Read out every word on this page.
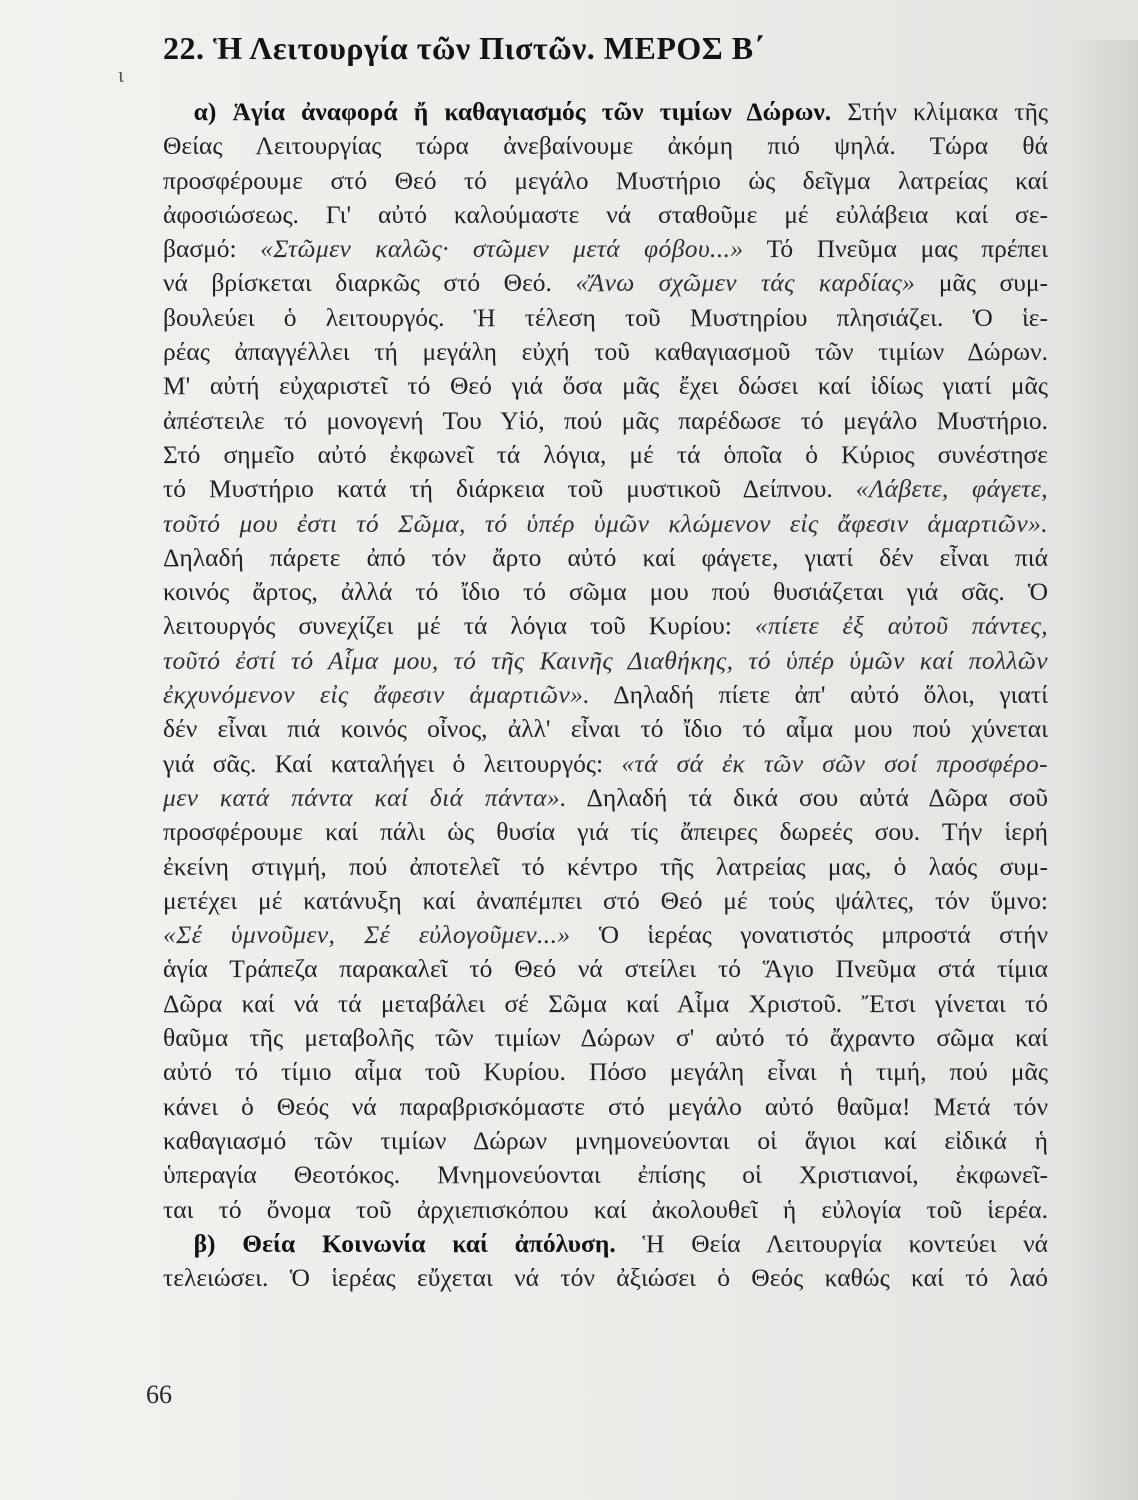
ι
22. Ἡ Λειτουργία τῶν Πιστῶν. ΜΕΡΟΣ Β΄
α) Ἁγία ἀναφορά ἤ καθαγιασμός τῶν τιμίων Δώρων. Στήν κλίμακα τῆς
Θείας Λειτουργίας τώρα ἀνεβαίνουμε ἀκόμη πιό ψηλά. Τώρα θά
προσφέρουμε στό Θεό τό μεγάλο Μυστήριο ὡς δεῖγμα λατρείας καί
ἀφοσιώσεως. Γι' αὐτό καλούμαστε νά σταθοῦμε μέ εὐλάβεια καί σε-
βασμό: «Στῶμεν καλῶς· στῶμεν μετά φόβου...» Τό Πνεῦμα μας πρέπει
νά βρίσκεται διαρκῶς στό Θεό. «Ἄνω σχῶμεν τάς καρδίας» μᾶς συμ-
βουλεύει ὁ λειτουργός. Ἡ τέλεση τοῦ Μυστηρίου πλησιάζει. Ὁ ἱε-
ρέας ἀπαγγέλλει τή μεγάλη εὐχή τοῦ καθαγιασμοῦ τῶν τιμίων Δώρων.
Μ' αὐτή εὐχαριστεῖ τό Θεό γιά ὅσα μᾶς ἔχει δώσει καί ἰδίως γιατί μᾶς
ἀπέστειλε τό μονογενή Του Υἱό, πού μᾶς παρέδωσε τό μεγάλο Μυστήριο.
Στό σημεῖο αὐτό ἐκφωνεῖ τά λόγια, μέ τά ὁποῖα ὁ Κύριος συνέστησε
τό Μυστήριο κατά τή διάρκεια τοῦ μυστικοῦ Δείπνου. «Λάβετε, φάγετε,
τοῦτό μου ἐστι τό Σῶμα, τό ὑπέρ ὑμῶν κλώμενον εἰς ἄφεσιν ἁμαρτιῶν».
Δηλαδή πάρετε ἀπό τόν ἄρτο αὐτό καί φάγετε, γιατί δέν εἶναι πιά
κοινός ἄρτος, ἀλλά τό ἴδιο τό σῶμα μου πού θυσιάζεται γιά σᾶς. Ὁ
λειτουργός συνεχίζει μέ τά λόγια τοῦ Κυρίου: «πίετε ἐξ αὐτοῦ πάντες,
τοῦτό ἐστί τό Αἷμα μου, τό τῆς Καινῆς Διαθήκης, τό ὑπέρ ὑμῶν καί πολλῶν
ἐκχυνόμενον εἰς ἄφεσιν ἁμαρτιῶν». Δηλαδή πίετε ἀπ' αὐτό ὅλοι, γιατί
δέν εἶναι πιά κοινός οἶνος, ἀλλ' εἶναι τό ἴδιο τό αἷμα μου πού χύνεται
γιά σᾶς. Καί καταλήγει ὁ λειτουργός: «τά σά ἐκ τῶν σῶν σοί προσφέρο-
μεν κατά πάντα καί διά πάντα». Δηλαδή τά δικά σου αὐτά Δῶρα σοῦ
προσφέρουμε καί πάλι ὡς θυσία γιά τίς ἄπειρες δωρεές σου. Τήν ἱερή
ἐκείνη στιγμή, πού ἀποτελεῖ τό κέντρο τῆς λατρείας μας, ὁ λαός συμ-
μετέχει μέ κατάνυξη καί ἀναπέμπει στό Θεό μέ τούς ψάλτες, τόν ὕμνο:
«Σέ ὑμνοῦμεν, Σέ εὐλογοῦμεν...» Ὁ ἱερέας γονατιστός μπροστά στήν
ἁγία Τράπεζα παρακαλεῖ τό Θεό νά στείλει τό Ἅγιο Πνεῦμα στά τίμια
Δῶρα καί νά τά μεταβάλει σέ Σῶμα καί Αἷμα Χριστοῦ. Ἔτσι γίνεται τό
θαῦμα τῆς μεταβολῆς τῶν τιμίων Δώρων σ' αὐτό τό ἄχραντο σῶμα καί
αὐτό τό τίμιο αἷμα τοῦ Κυρίου. Πόσο μεγάλη εἶναι ἡ τιμή, πού μᾶς
κάνει ὁ Θεός νά παραβρισκόμαστε στό μεγάλο αὐτό θαῦμα! Μετά τόν
καθαγιασμό τῶν τιμίων Δώρων μνημονεύονται οἱ ἅγιοι καί εἰδικά ἡ
ὑπεραγία Θεοτόκος. Μνημονεύονται ἐπίσης οἱ Χριστιανοί, ἐκφωνεῖ-
ται τό ὄνομα τοῦ ἀρχιεπισκόπου καί ἀκολουθεῖ ἡ εὐλογία τοῦ ἱερέα.
β) Θεία Κοινωνία καί ἀπόλυση. Ἡ Θεία Λειτουργία κοντεύει νά
τελειώσει. Ὁ ἱερέας εὔχεται νά τόν ἀξιώσει ὁ Θεός καθώς καί τό λαό
66
